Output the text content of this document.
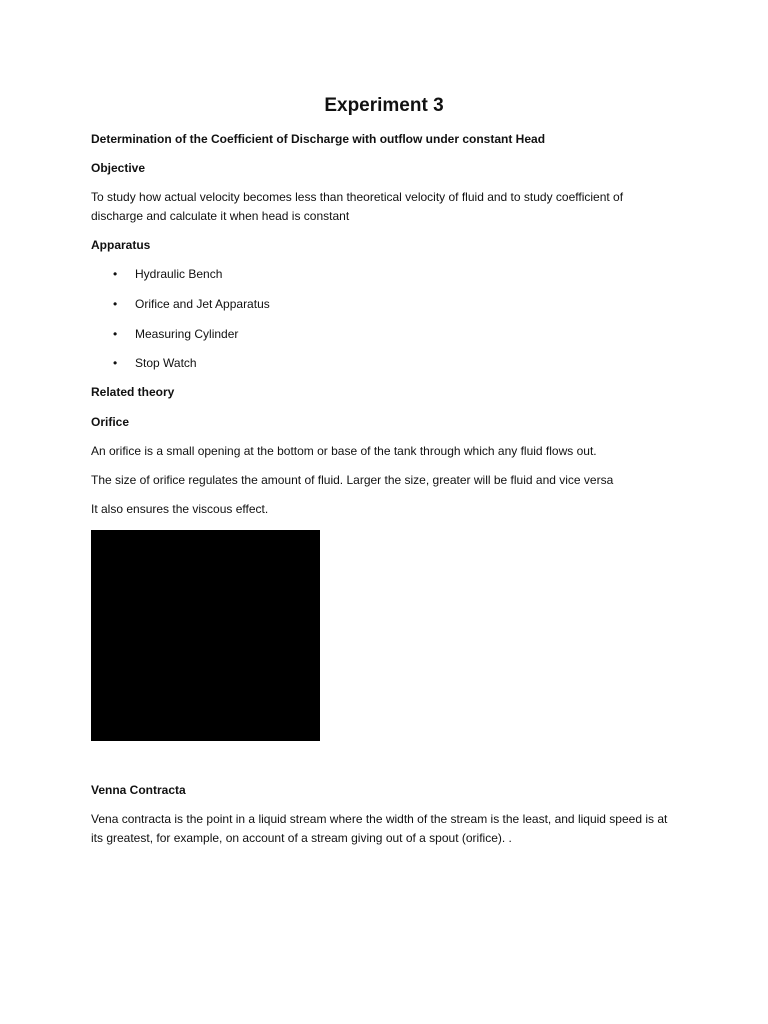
Experiment 3
Determination of the Coefficient of Discharge with outflow under constant Head
Objective
To study how actual velocity becomes less than theoretical velocity of fluid and to study coefficient of discharge and calculate it when head is constant
Apparatus
• Hydraulic Bench
• Orifice and Jet Apparatus
• Measuring Cylinder
• Stop Watch
Related theory
Orifice
An orifice is a small opening at the bottom or base of the tank through which any fluid flows out.
The size of orifice regulates the amount of fluid. Larger the size, greater will be fluid and vice versa
It also ensures the viscous effect.
Venna Contracta
Vena contracta is the point in a liquid stream where the width of the stream is the least, and liquid speed is at its greatest, for example, on account of a stream giving out of a spout (orifice). .
